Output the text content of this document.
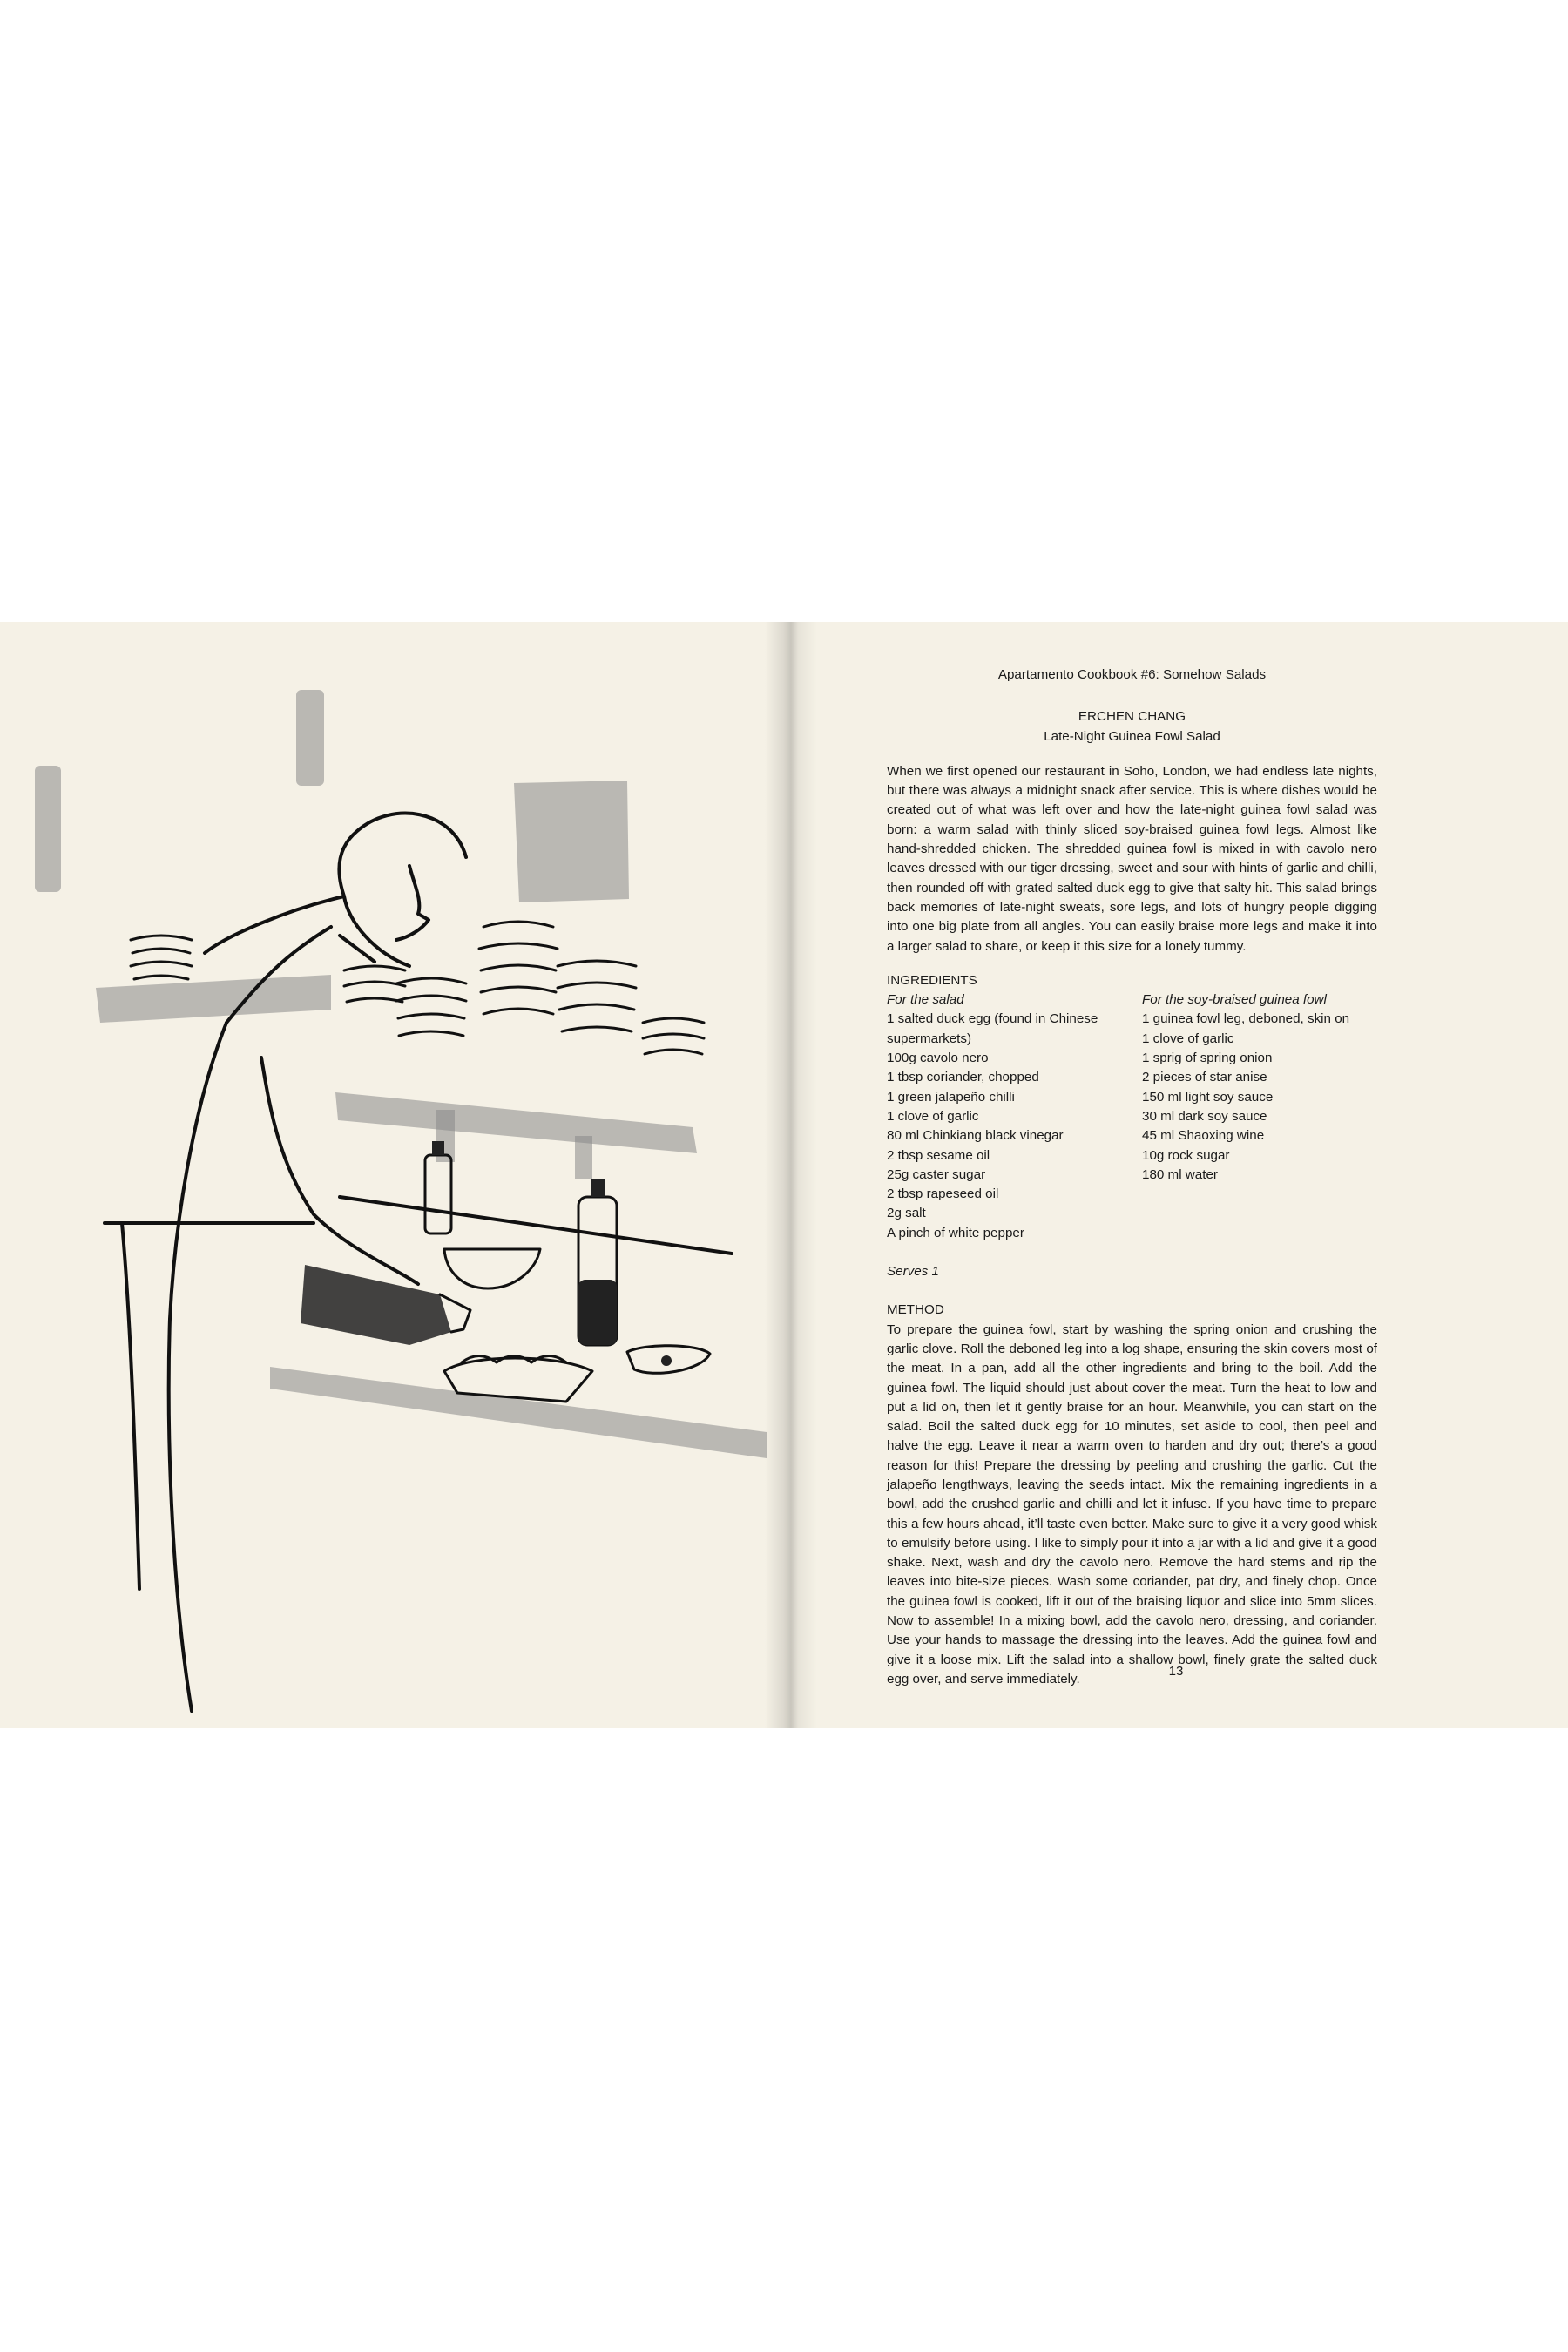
Apartamento Cookbook #6: Somehow Salads

ERCHEN CHANG

Late-Night Guinea Fowl Salad

When we first opened our restaurant in Soho, London, we had endless late nights, but there was always a midnight snack after service. This is where dishes would be created out of what was left over and how the late-night guinea fowl salad was born: a warm salad with thinly sliced soy-braised guinea fowl legs. Almost like hand-shredded chicken. The shredded guinea fowl is mixed in with cavolo nero leaves dressed with our tiger dressing, sweet and sour with hints of garlic and chilli, then rounded off with grated salted duck egg to give that salty hit. This salad brings back memories of late-night sweats, sore legs, and lots of hungry people digging into one big plate from all angles. You can easily braise more legs and make it into a larger salad to share, or keep it this size for a lonely tummy.

INGREDIENTS

For the salad

1 salted duck egg (found in Chinese supermarkets)

100g cavolo nero

1 tbsp coriander, chopped

1 green jalapeño chilli

1 clove of garlic

80 ml Chinkiang black vinegar

2 tbsp sesame oil

25g caster sugar

2 tbsp rapeseed oil

2g salt

A pinch of white pepper

For the soy-braised guinea fowl

1 guinea fowl leg, deboned, skin on

1 clove of garlic

1 sprig of spring onion

2 pieces of star anise

150 ml light soy sauce

30 ml dark soy sauce

45 ml Shaoxing wine

10g rock sugar

180 ml water

Serves 1

METHOD

To prepare the guinea fowl, start by washing the spring onion and crushing the garlic clove. Roll the deboned leg into a log shape, ensuring the skin covers most of the meat. In a pan, add all the other ingredients and bring to the boil. Add the guinea fowl. The liquid should just about cover the meat. Turn the heat to low and put a lid on, then let it gently braise for an hour. Meanwhile, you can start on the salad. Boil the salted duck egg for 10 minutes, set aside to cool, then peel and halve the egg. Leave it near a warm oven to harden and dry out; there’s a good reason for this! Prepare the dressing by peeling and crushing the garlic. Cut the jalapeño lengthways, leaving the seeds intact. Mix the remaining ingredients in a bowl, add the crushed garlic and chilli and let it infuse. If you have time to prepare this a few hours ahead, it’ll taste even better. Make sure to give it a very good whisk to emulsify before using. I like to simply pour it into a jar with a lid and give it a good shake. Next, wash and dry the cavolo nero. Remove the hard stems and rip the leaves into bite-size pieces. Wash some coriander, pat dry, and finely chop. Once the guinea fowl is cooked, lift it out of the braising liquor and slice into 5mm slices. Now to assemble! In a mixing bowl, add the cavolo nero, dressing, and coriander. Use your hands to massage the dressing into the leaves. Add the guinea fowl and give it a loose mix. Lift the salad into a shallow bowl, finely grate the salted duck egg over, and serve immediately.

13
